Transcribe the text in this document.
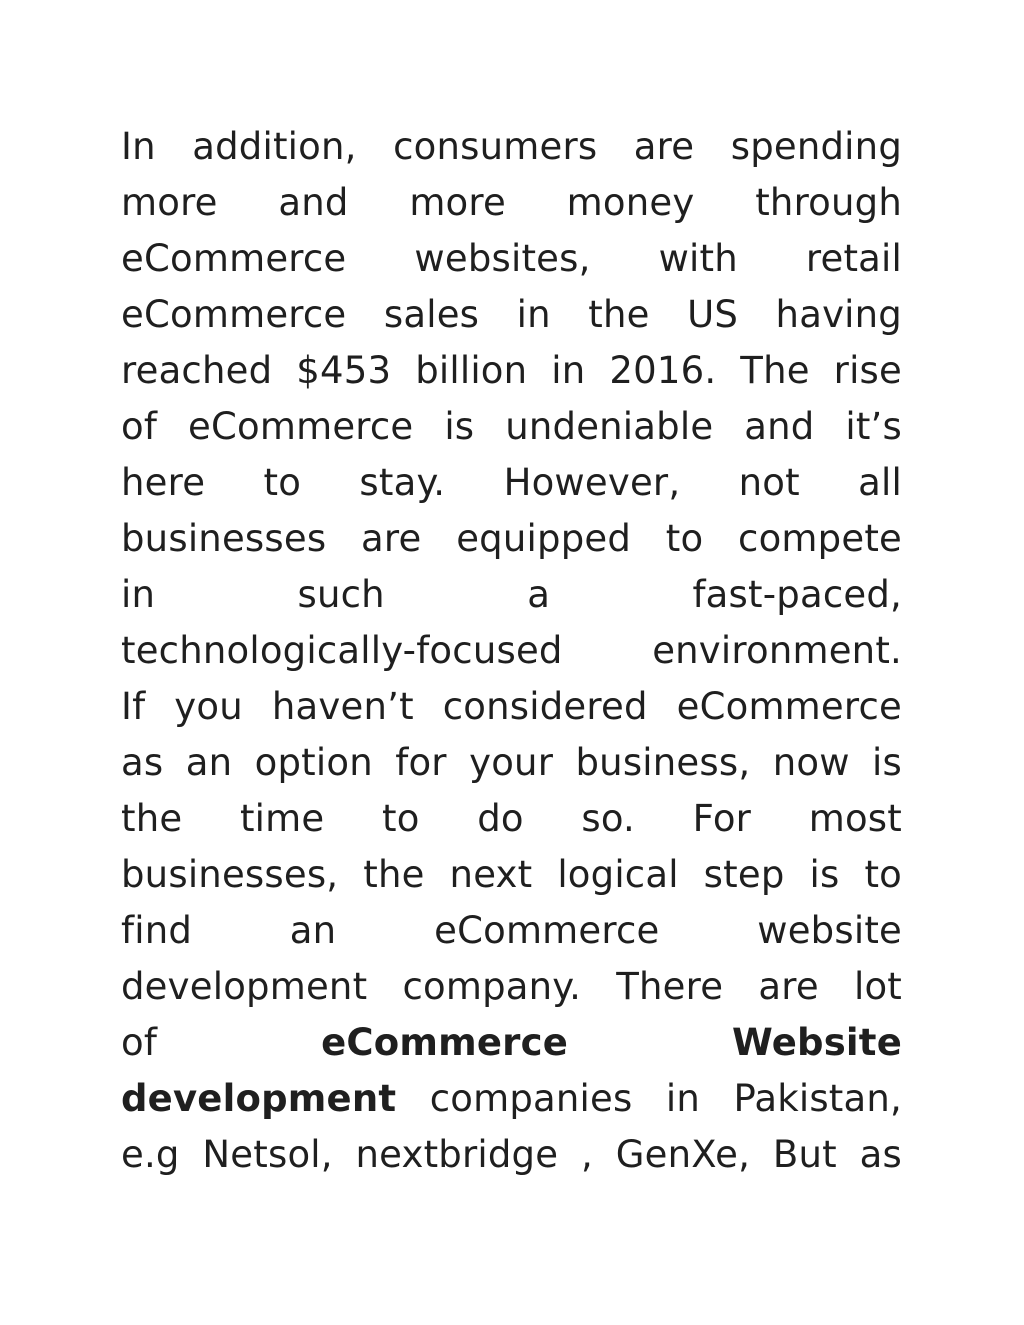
In addition, consumers are spending
more and more money through
eCommerce websites, with retail
eCommerce sales in the US having
reached $453 billion in 2016. The rise
of eCommerce is undeniable and it’s
here to stay. However, not all
businesses are equipped to compete
in such a fast-paced,
technologically-focused environment.
If you haven’t considered eCommerce
as an option for your business, now is
the time to do so. For most
businesses, the next logical step is to
find an eCommerce website
development company. There are lot
of	eCommerce	Website
development companies in Pakistan,
e.g Netsol, nextbridge , GenXe, But as
